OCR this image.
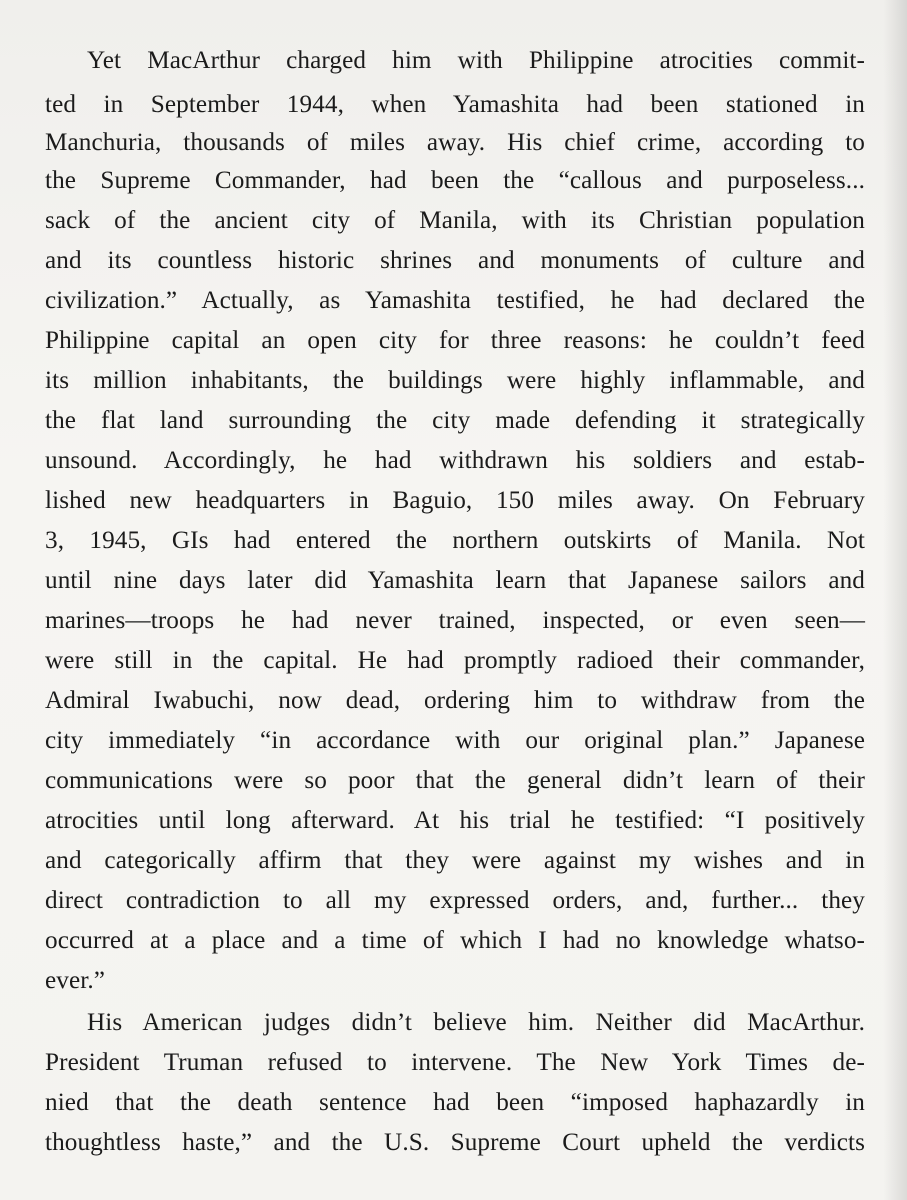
Yet MacArthur charged him with Philippine atrocities commit-
ted in September 1944, when Yamashita had been stationed in
Manchuria, thousands of miles away. His chief crime, according to
the Supreme Commander, had been the “callous and purposeless...
sack of the ancient city of Manila, with its Christian population
and its countless historic shrines and monuments of culture and
civilization.” Actually, as Yamashita testified, he had declared the
Philippine capital an open city for three reasons: he couldn’t feed
its million inhabitants, the buildings were highly inflammable, and
the flat land surrounding the city made defending it strategically
unsound. Accordingly, he had withdrawn his soldiers and estab-
lished new headquarters in Baguio, 150 miles away. On February
3, 1945, GIs had entered the northern outskirts of Manila. Not
until nine days later did Yamashita learn that Japanese sailors and
marines—troops he had never trained, inspected, or even seen—
were still in the capital. He had promptly radioed their commander,
Admiral Iwabuchi, now dead, ordering him to withdraw from the
city immediately “in accordance with our original plan.” Japanese
communications were so poor that the general didn’t learn of their
atrocities until long afterward. At his trial he testified: “I positively
and categorically affirm that they were against my wishes and in
direct contradiction to all my expressed orders, and, further... they
occurred at a place and a time of which I had no knowledge whatso-
ever.”
His American judges didn’t believe him. Neither did MacArthur.
President Truman refused to intervene. The New York Times de-
nied that the death sentence had been “imposed haphazardly in
thoughtless haste,” and the U.S. Supreme Court upheld the verdicts
